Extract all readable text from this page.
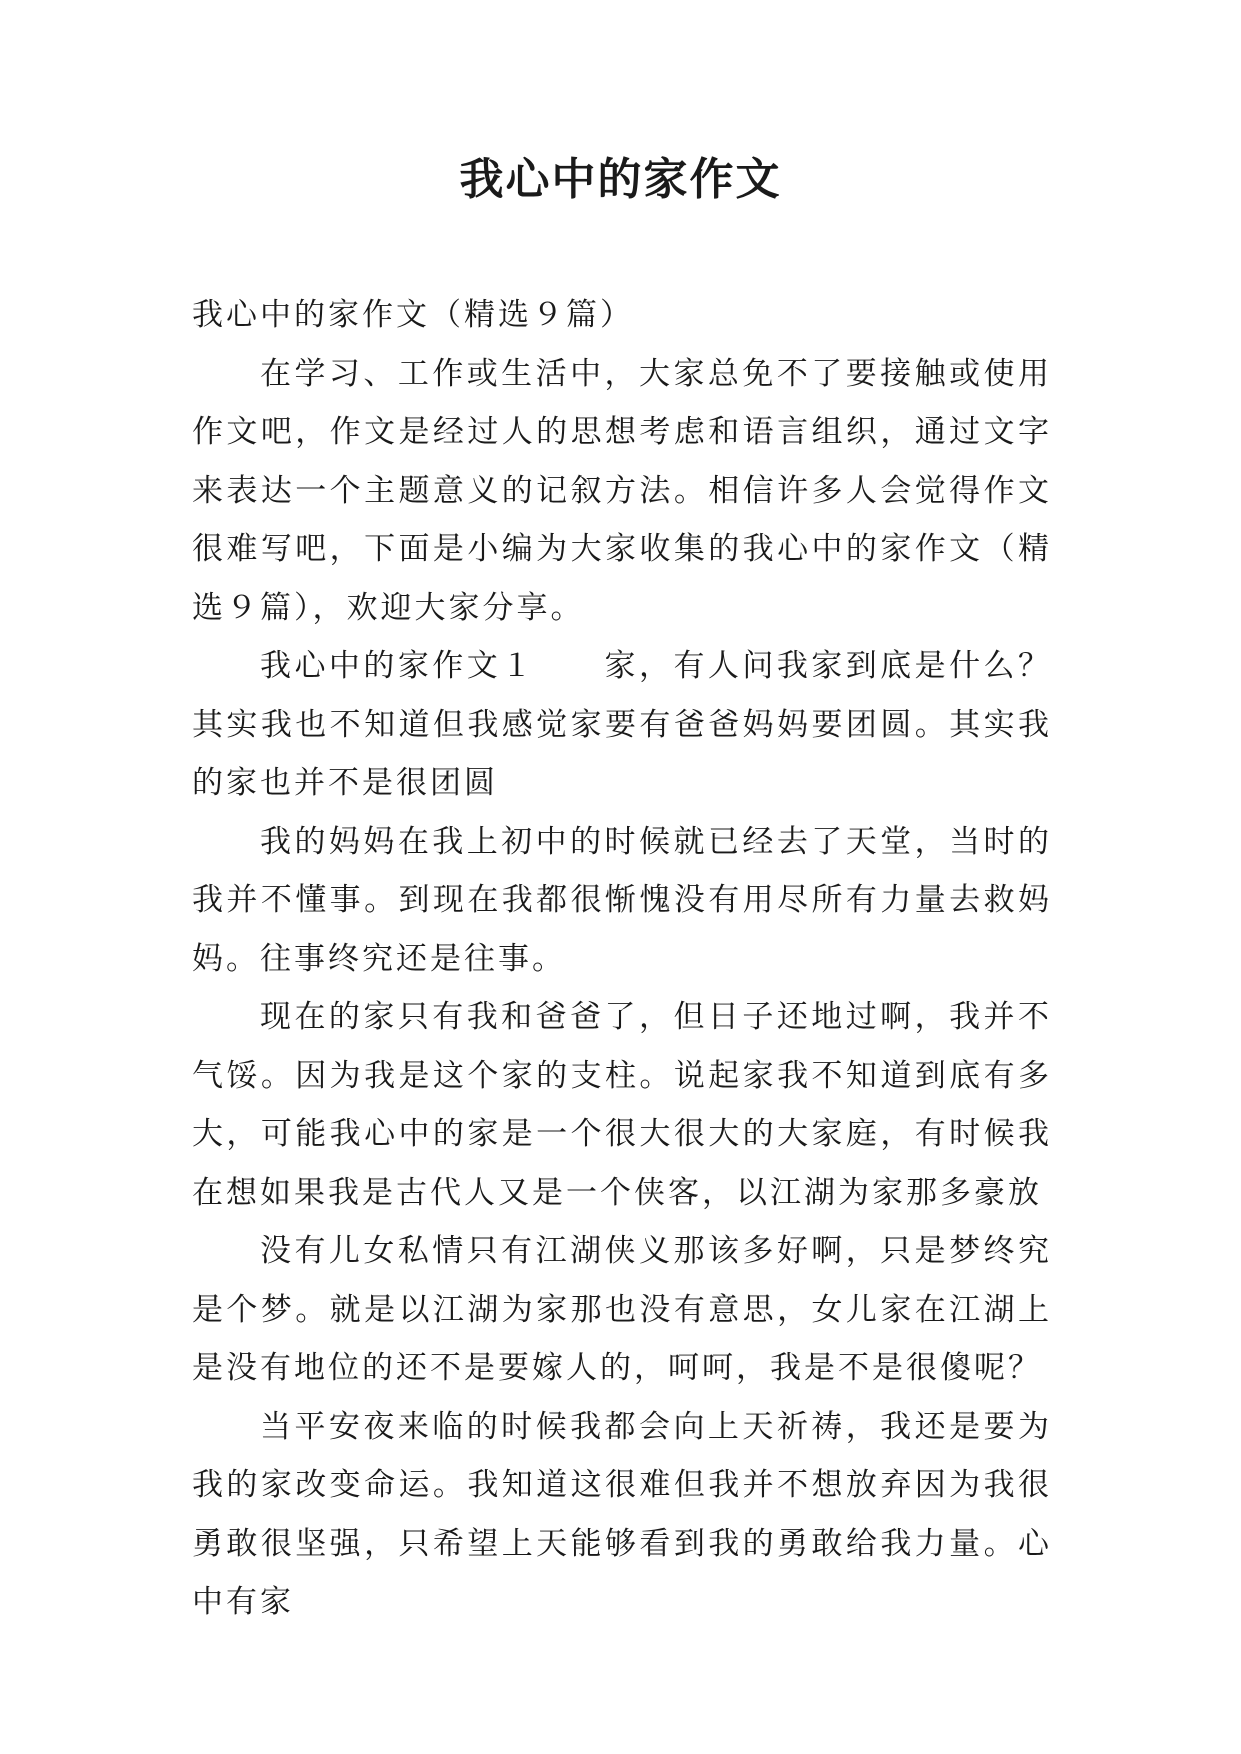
我心中的家作文

我心中的家作文（精选９篇）

在学习、工作或生活中，大家总免不了要接触或使用作文吧，作文是经过人的思想考虑和语言组织，通过文字来表达一个主题意义的记叙方法。相信许多人会觉得作文很难写吧，下面是小编为大家收集的我心中的家作文（精选９篇），欢迎大家分享。

我心中的家作文１　　家，有人问我家到底是什么？其实我也不知道但我感觉家要有爸爸妈妈要团圆。其实我的家也并不是很团圆

我的妈妈在我上初中的时候就已经去了天堂，当时的我并不懂事。到现在我都很惭愧没有用尽所有力量去救妈妈。往事终究还是往事。

现在的家只有我和爸爸了，但日子还地过啊，我并不气馁。因为我是这个家的支柱。说起家我不知道到底有多大，可能我心中的家是一个很大很大的大家庭，有时候我在想如果我是古代人又是一个侠客，以江湖为家那多豪放

没有儿女私情只有江湖侠义那该多好啊，只是梦终究是个梦。就是以江湖为家那也没有意思，女儿家在江湖上是没有地位的还不是要嫁人的，呵呵，我是不是很傻呢？

当平安夜来临的时候我都会向上天祈祷，我还是要为我的家改变命运。我知道这很难但我并不想放弃因为我很勇敢很坚强，只希望上天能够看到我的勇敢给我力量。心中有家
